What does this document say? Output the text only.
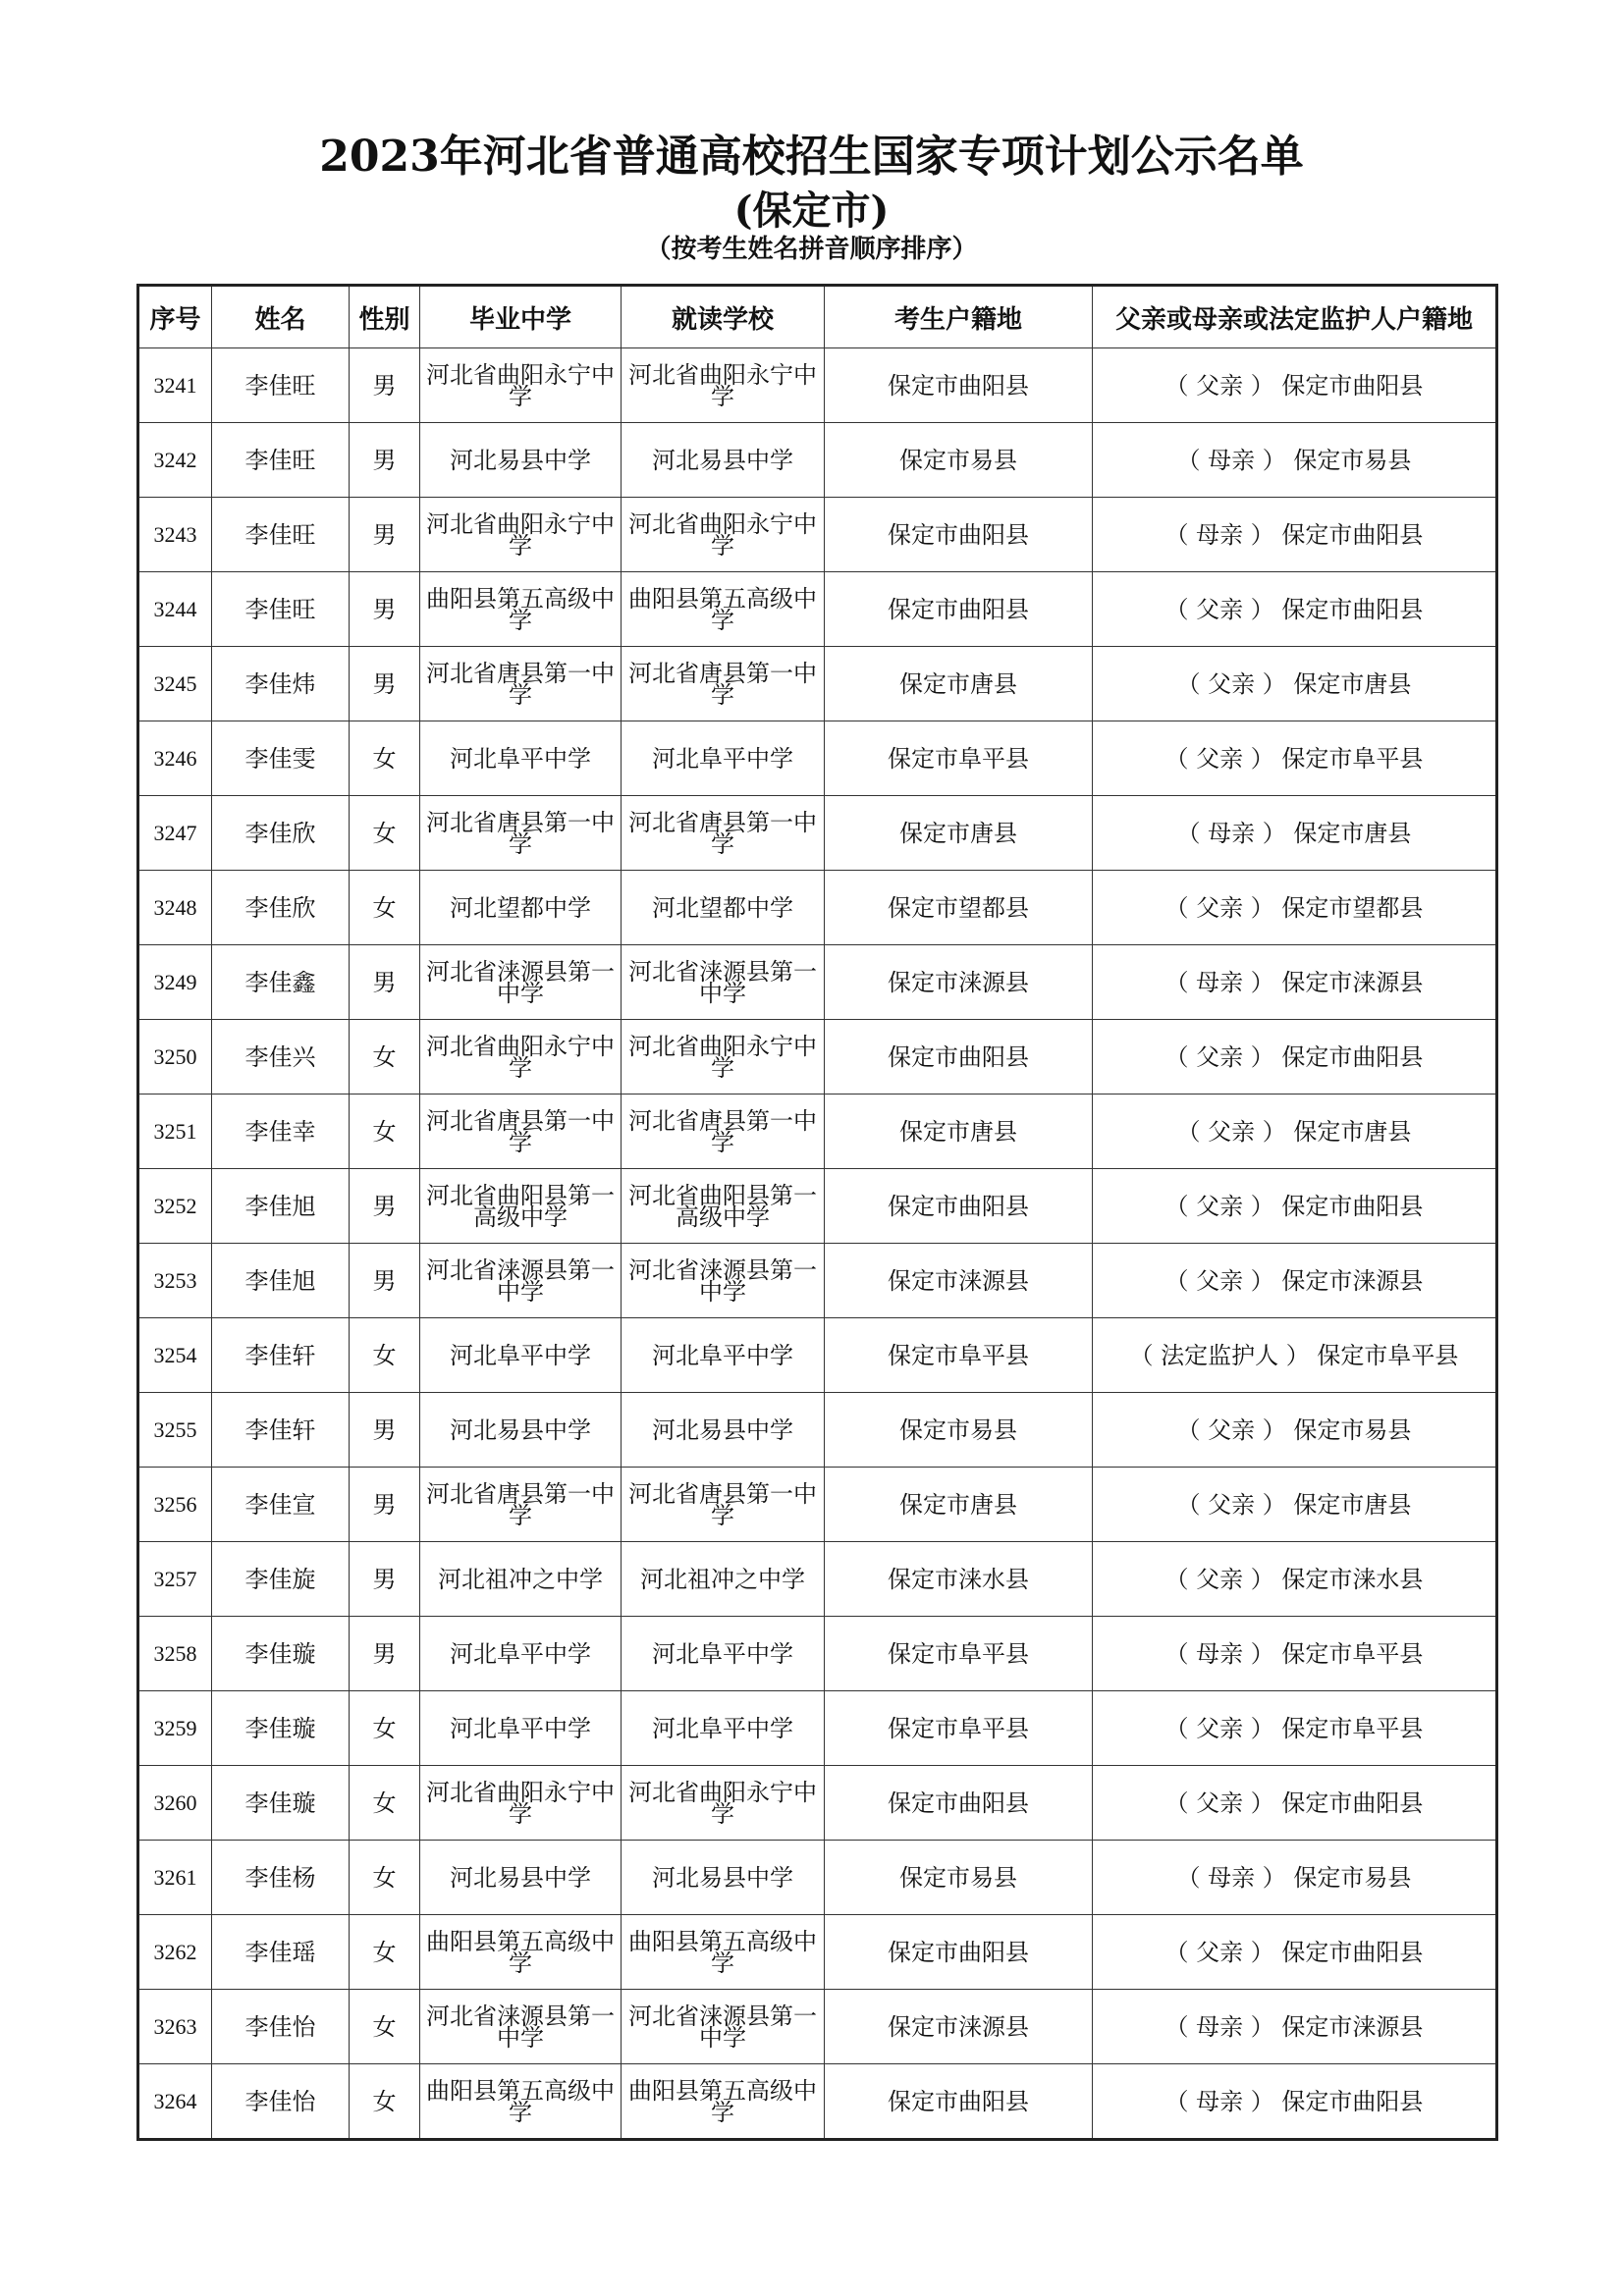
2023年河北省普通高校招生国家专项计划公示名单
(保定市)
（按考生姓名拼音顺序排序）
序号	姓名	性别	毕业中学	就读学校	考生户籍地	父亲或母亲或法定监护人户籍地
3241	李佳旺	男	河北省曲阳永宁中学	河北省曲阳永宁中学	保定市曲阳县	（ 父亲 ） 保定市曲阳县
3242	李佳旺	男	河北易县中学	河北易县中学	保定市易县	（ 母亲 ） 保定市易县
3243	李佳旺	男	河北省曲阳永宁中学	河北省曲阳永宁中学	保定市曲阳县	（ 母亲 ） 保定市曲阳县
3244	李佳旺	男	曲阳县第五高级中学	曲阳县第五高级中学	保定市曲阳县	（ 父亲 ） 保定市曲阳县
3245	李佳炜	男	河北省唐县第一中学	河北省唐县第一中学	保定市唐县	（ 父亲 ） 保定市唐县
3246	李佳雯	女	河北阜平中学	河北阜平中学	保定市阜平县	（ 父亲 ） 保定市阜平县
3247	李佳欣	女	河北省唐县第一中学	河北省唐县第一中学	保定市唐县	（ 母亲 ） 保定市唐县
3248	李佳欣	女	河北望都中学	河北望都中学	保定市望都县	（ 父亲 ） 保定市望都县
3249	李佳鑫	男	河北省涞源县第一中学	河北省涞源县第一中学	保定市涞源县	（ 母亲 ） 保定市涞源县
3250	李佳兴	女	河北省曲阳永宁中学	河北省曲阳永宁中学	保定市曲阳县	（ 父亲 ） 保定市曲阳县
3251	李佳幸	女	河北省唐县第一中学	河北省唐县第一中学	保定市唐县	（ 父亲 ） 保定市唐县
3252	李佳旭	男	河北省曲阳县第一高级中学	河北省曲阳县第一高级中学	保定市曲阳县	（ 父亲 ） 保定市曲阳县
3253	李佳旭	男	河北省涞源县第一中学	河北省涞源县第一中学	保定市涞源县	（ 父亲 ） 保定市涞源县
3254	李佳轩	女	河北阜平中学	河北阜平中学	保定市阜平县	（ 法定监护人 ） 保定市阜平县
3255	李佳轩	男	河北易县中学	河北易县中学	保定市易县	（ 父亲 ） 保定市易县
3256	李佳宣	男	河北省唐县第一中学	河北省唐县第一中学	保定市唐县	（ 父亲 ） 保定市唐县
3257	李佳旋	男	河北祖冲之中学	河北祖冲之中学	保定市涞水县	（ 父亲 ） 保定市涞水县
3258	李佳璇	男	河北阜平中学	河北阜平中学	保定市阜平县	（ 母亲 ） 保定市阜平县
3259	李佳璇	女	河北阜平中学	河北阜平中学	保定市阜平县	（ 父亲 ） 保定市阜平县
3260	李佳璇	女	河北省曲阳永宁中学	河北省曲阳永宁中学	保定市曲阳县	（ 父亲 ） 保定市曲阳县
3261	李佳杨	女	河北易县中学	河北易县中学	保定市易县	（ 母亲 ） 保定市易县
3262	李佳瑶	女	曲阳县第五高级中学	曲阳县第五高级中学	保定市曲阳县	（ 父亲 ） 保定市曲阳县
3263	李佳怡	女	河北省涞源县第一中学	河北省涞源县第一中学	保定市涞源县	（ 母亲 ） 保定市涞源县
3264	李佳怡	女	曲阳县第五高级中学	曲阳县第五高级中学	保定市曲阳县	（ 母亲 ） 保定市曲阳县
